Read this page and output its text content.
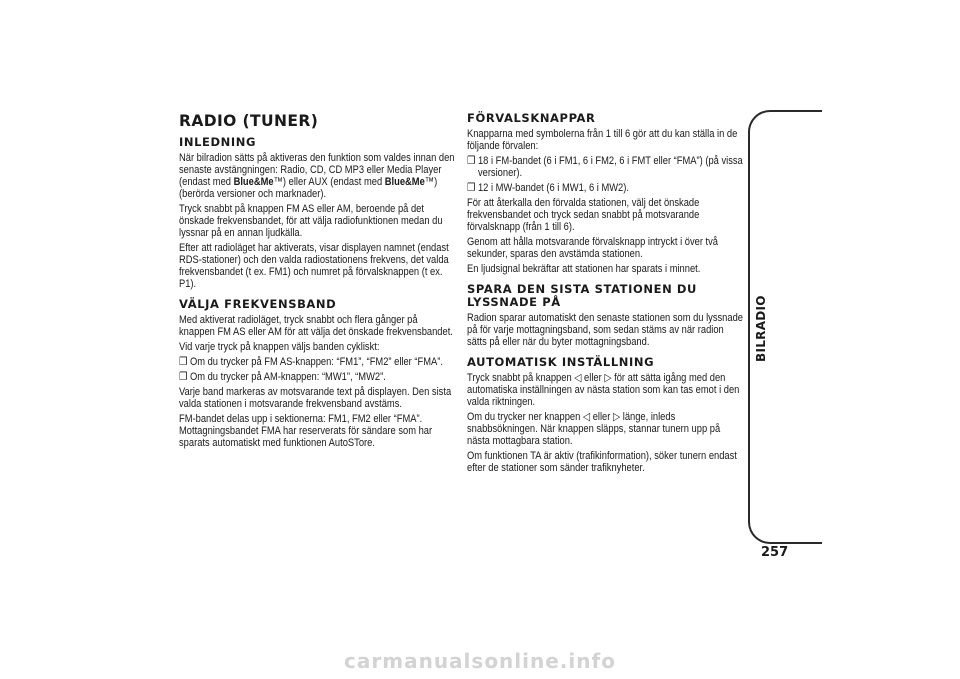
RADIO (TUNER)
INLEDNING

När bilradion sätts på aktiveras den funktion som valdes innan den senaste avstängningen: Radio, CD, CD MP3 eller Media Player (endast med Blue&Me™) eller AUX (endast med Blue&Me™) (berörda versioner och marknader).

Tryck snabbt på knappen FM AS eller AM, beroende på det önskade frekvensbandet, för att välja radiofunktionen medan du lyssnar på en annan ljudkälla.

Efter att radioläget har aktiverats, visar displayen namnet (endast RDS-stationer) och den valda radiostationens frekvens, det valda frekvensbandet (t ex. FM1) och numret på förvalsknappen (t ex. P1).

VÄLJA FREKVENSBAND

Med aktiverat radioläget, tryck snabbt och flera gånger på knappen FM AS eller AM för att välja det önskade frekvensbandet.

Vid varje tryck på knappen väljs banden cykliskt:

❒ Om du trycker på FM AS-knappen: “FM1”, “FM2” eller “FMA”.

❒ Om du trycker på AM-knappen: “MW1”, “MW2”.

Varje band markeras av motsvarande text på displayen. Den sista valda stationen i motsvarande frekvensband avstäms.

FM-bandet delas upp i sektionerna: FM1, FM2 eller “FMA”. Mottagningsbandet FMA har reserverats för sändare som har sparats automatiskt med funktionen AutoSTore.

FÖRVALSKNAPPAR

Knapparna med symbolerna från 1 till 6 gör att du kan ställa in de följande förvalen:

❒ 18 i FM-bandet (6 i FM1, 6 i FM2, 6 i FMT eller “FMA”) (på vissa versioner).

❒ 12 i MW-bandet (6 i MW1, 6 i MW2).

För att återkalla den förvalda stationen, välj det önskade frekvensbandet och tryck sedan snabbt på motsvarande förvalsknapp (från 1 till 6).

Genom att hålla motsvarande förvalsknapp intryckt i över två sekunder, sparas den avstämda stationen.

En ljudsignal bekräftar att stationen har sparats i minnet.

SPARA DEN SISTA STATIONEN DU LYSSNADE PÅ

Radion sparar automatiskt den senaste stationen som du lyssnade på för varje mottagningsband, som sedan stäms av när radion sätts på eller när du byter mottagningsband.

AUTOMATISK INSTÄLLNING

Tryck snabbt på knappen ◁ eller ▷ för att sätta igång med den automatiska inställningen av nästa station som kan tas emot i den valda riktningen.

Om du trycker ner knappen ◁ eller ▷ länge, inleds snabbsökningen. När knappen släpps, stannar tunern upp på nästa mottagbara station.

Om funktionen TA är aktiv (trafikinformation), söker tunern endast efter de stationer som sänder trafiknyheter.

BILRADIO
257
carmanualsonline.info
